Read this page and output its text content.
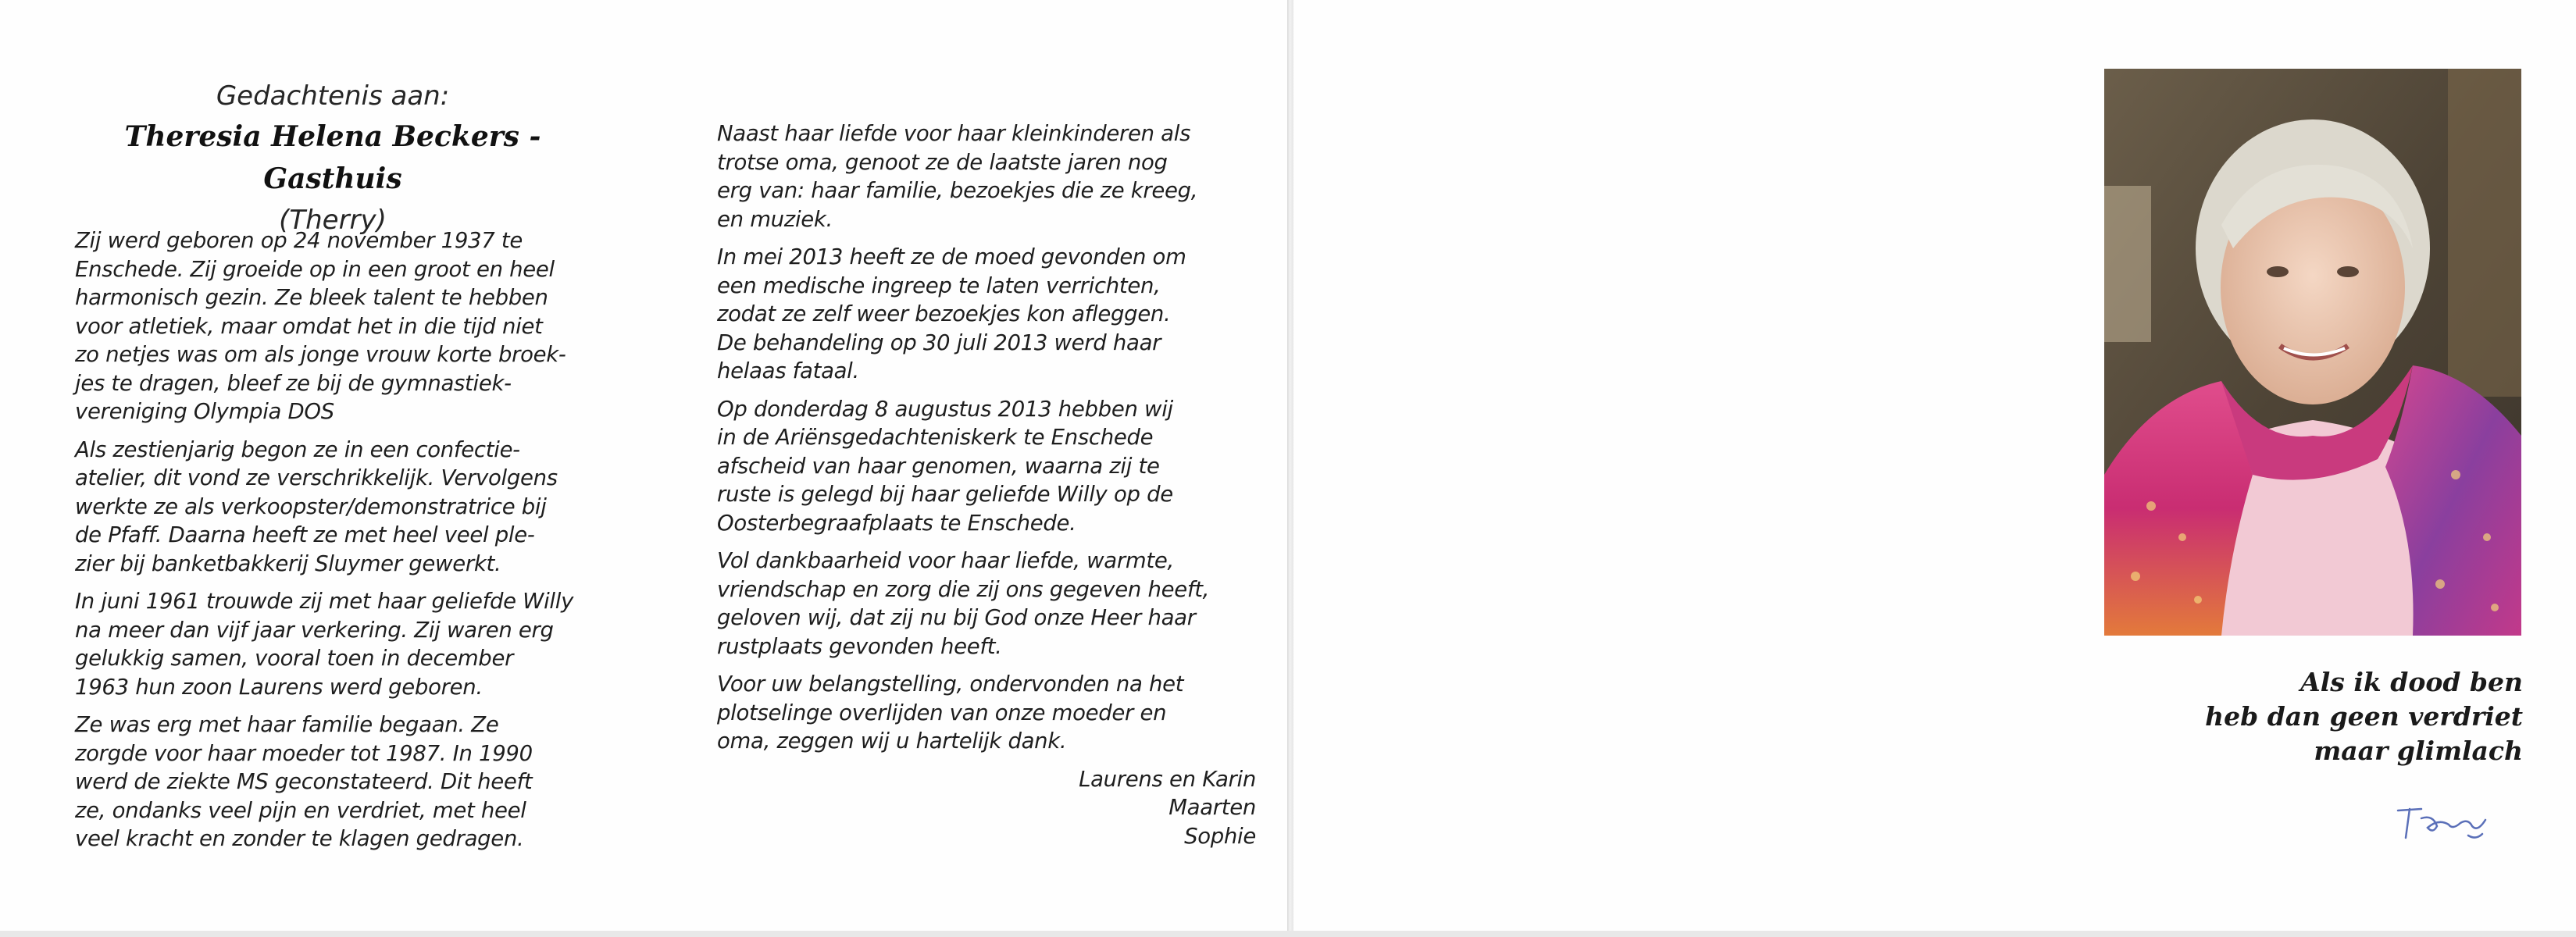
Gedachtenis aan:
Theresia Helena Beckers - Gasthuis
(Therry)

Zij werd geboren op 24 november 1937 te
Enschede. Zij groeide op in een groot en heel
harmonisch gezin. Ze bleek talent te hebben
voor atletiek, maar omdat het in die tijd niet
zo netjes was om als jonge vrouw korte broek-
jes te dragen, bleef ze bij de gymnastiek-
vereniging Olympia DOS

Als zestienjarig begon ze in een confectie-
atelier, dit vond ze verschrikkelijk. Vervolgens
werkte ze als verkoopster/demonstratrice bij
de Pfaff. Daarna heeft ze met heel veel ple-
zier bij banketbakkerij Sluymer gewerkt.

In juni 1961 trouwde zij met haar geliefde Willy
na meer dan vijf jaar verkering. Zij waren erg
gelukkig samen, vooral toen in december
1963 hun zoon Laurens werd geboren.

Ze was erg met haar familie begaan. Ze
zorgde voor haar moeder tot 1987. In 1990
werd de ziekte MS geconstateerd. Dit heeft
ze, ondanks veel pijn en verdriet, met heel
veel kracht en zonder te klagen gedragen.

Naast haar liefde voor haar kleinkinderen als
trotse oma, genoot ze de laatste jaren nog
erg van: haar familie, bezoekjes die ze kreeg,
en muziek.

In mei 2013 heeft ze de moed gevonden om
een medische ingreep te laten verrichten,
zodat ze zelf weer bezoekjes kon afleggen.
De behandeling op 30 juli 2013 werd haar
helaas fataal.

Op donderdag 8 augustus 2013 hebben wij
in de Ariënsgedachteniskerk te Enschede
afscheid van haar genomen, waarna zij te
ruste is gelegd bij haar geliefde Willy op de
Oosterbegraafplaats te Enschede.

Vol dankbaarheid voor haar liefde, warmte,
vriendschap en zorg die zij ons gegeven heeft,
geloven wij, dat zij nu bij God onze Heer haar
rustplaats gevonden heeft.

Voor uw belangstelling, ondervonden na het
plotselinge overlijden van onze moeder en
oma, zeggen wij u hartelijk dank.

Laurens en Karin
Maarten
Sophie
Als ik dood ben
heb dan geen verdriet
maar glimlach
